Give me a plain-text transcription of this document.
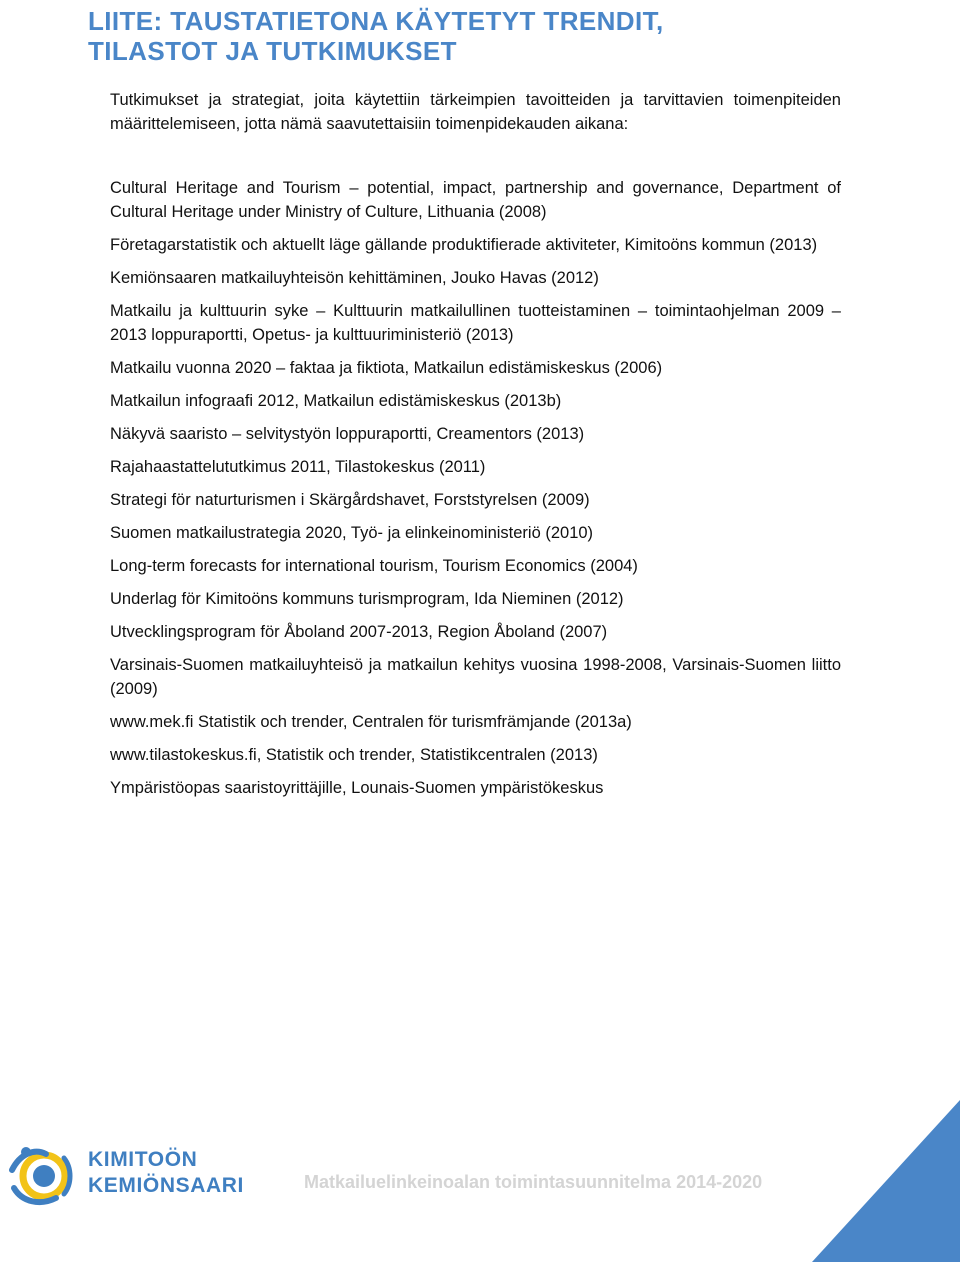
LIITE: TAUSTATIETONA KÄYTETYT TRENDIT,
TILASTOT JA TUTKIMUKSET

Tutkimukset ja strategiat, joita käytettiin tärkeimpien tavoitteiden ja tarvittavien toimenpiteiden määrittelemiseen, jotta nämä saavutettaisiin toimenpidekauden aikana:

Cultural Heritage and Tourism – potential, impact, partnership and governance, Department of Cultural Heritage under Ministry of Culture, Lithuania (2008)
Företagarstatistik och aktuellt läge gällande produktifierade aktiviteter, Kimitoöns kommun (2013)
Kemiönsaaren matkailuyhteisön kehittäminen, Jouko Havas (2012)
Matkailu ja kulttuurin syke – Kulttuurin matkailullinen tuotteistaminen – toimintaohjelman 2009 – 2013 loppuraportti, Opetus- ja kulttuuriministeriö (2013)
Matkailu vuonna 2020 – faktaa ja fiktiota, Matkailun edistämiskeskus (2006)
Matkailun infograafi 2012, Matkailun edistämiskeskus (2013b)
Näkyvä saaristo – selvitystyön loppuraportti, Creamentors (2013)
Rajahaastattelututkimus 2011, Tilastokeskus (2011)
Strategi för naturturismen i Skärgårdshavet, Forststyrelsen (2009)
Suomen matkailustrategia 2020, Työ- ja elinkeinoministeriö (2010)
Long-term forecasts for international tourism, Tourism Economics (2004)
Underlag för Kimitoöns kommuns turismprogram, Ida Nieminen (2012)
Utvecklingsprogram för Åboland 2007-2013, Region Åboland (2007)
Varsinais-Suomen matkailuyhteisö ja matkailun kehitys vuosina 1998-2008, Varsinais-Suomen liitto (2009)
www.mek.fi Statistik och trender, Centralen för turismfrämjande (2013a)
www.tilastokeskus.fi, Statistik och trender, Statistikcentralen (2013)
Ympäristöopas saaristoyrittäjille, Lounais-Suomen ympäristökeskus
KIMITOÖN
KEMIÖNSAARI	Matkailuelinkeinoalan toimintasuunnitelma 2014-2020
